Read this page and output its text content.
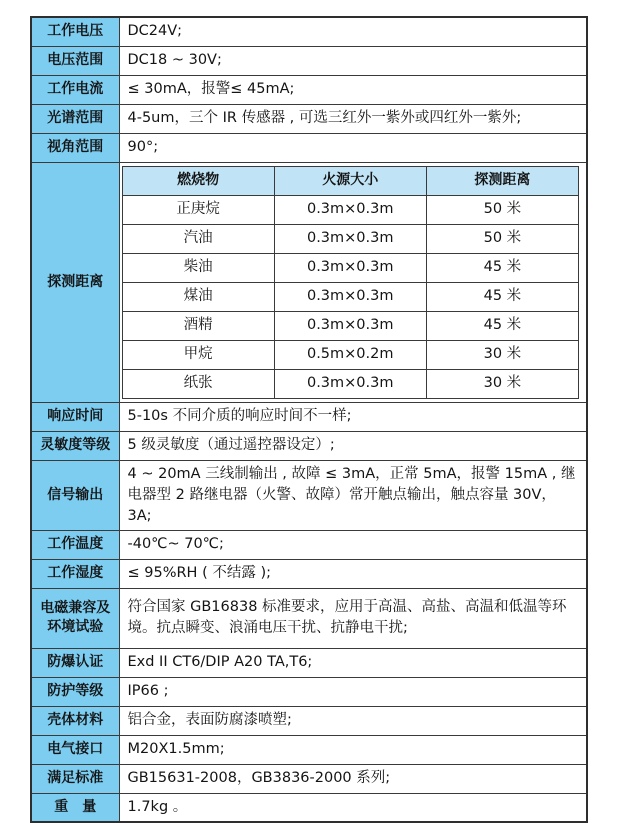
工作电压	DC24V;
电压范围	DC18 ~ 30V;
工作电流	≤ 30mA，报警≤ 45mA;
光谱范围	4-5um，三个 IR 传感器 , 可选三红外一紫外或四红外一紫外;
视角范围	90°;
探测距离	
燃烧物	火源大小	探测距离
正庚烷	0.3m×0.3m	50 米
汽油	0.3m×0.3m	50 米
柴油	0.3m×0.3m	45 米
煤油	0.3m×0.3m	45 米
酒精	0.3m×0.3m	45 米
甲烷	0.5m×0.2m	30 米
纸张	0.3m×0.3m	30 米

响应时间	5-10s 不同介质的响应时间不一样;
灵敏度等级	5 级灵敏度（通过遥控器设定）;
信号输出	4 ~ 20mA 三线制输出 , 故障 ≤ 3mA，正常 5mA，报警 15mA , 继电器型 2 路继电器（火警、故障）常开触点输出，触点容量 30V，3A;
工作温度	-40℃~ 70℃;
工作湿度	≤ 95%RH ( 不结露 );
电磁兼容及环境试验	符合国家 GB16838 标准要求，应用于高温、高盐、高温和低温等环境。抗点瞬变、浪涌电压干扰、抗静电干扰;
防爆认证	Exd II CT6/DIP A20 TA,T6;
防护等级	IP66 ;
壳体材料	铝合金，表面防腐漆喷塑;
电气接口	M20X1.5mm;
满足标准	GB15631-2008，GB3836-2000 系列;
重　量	1.7kg 。
